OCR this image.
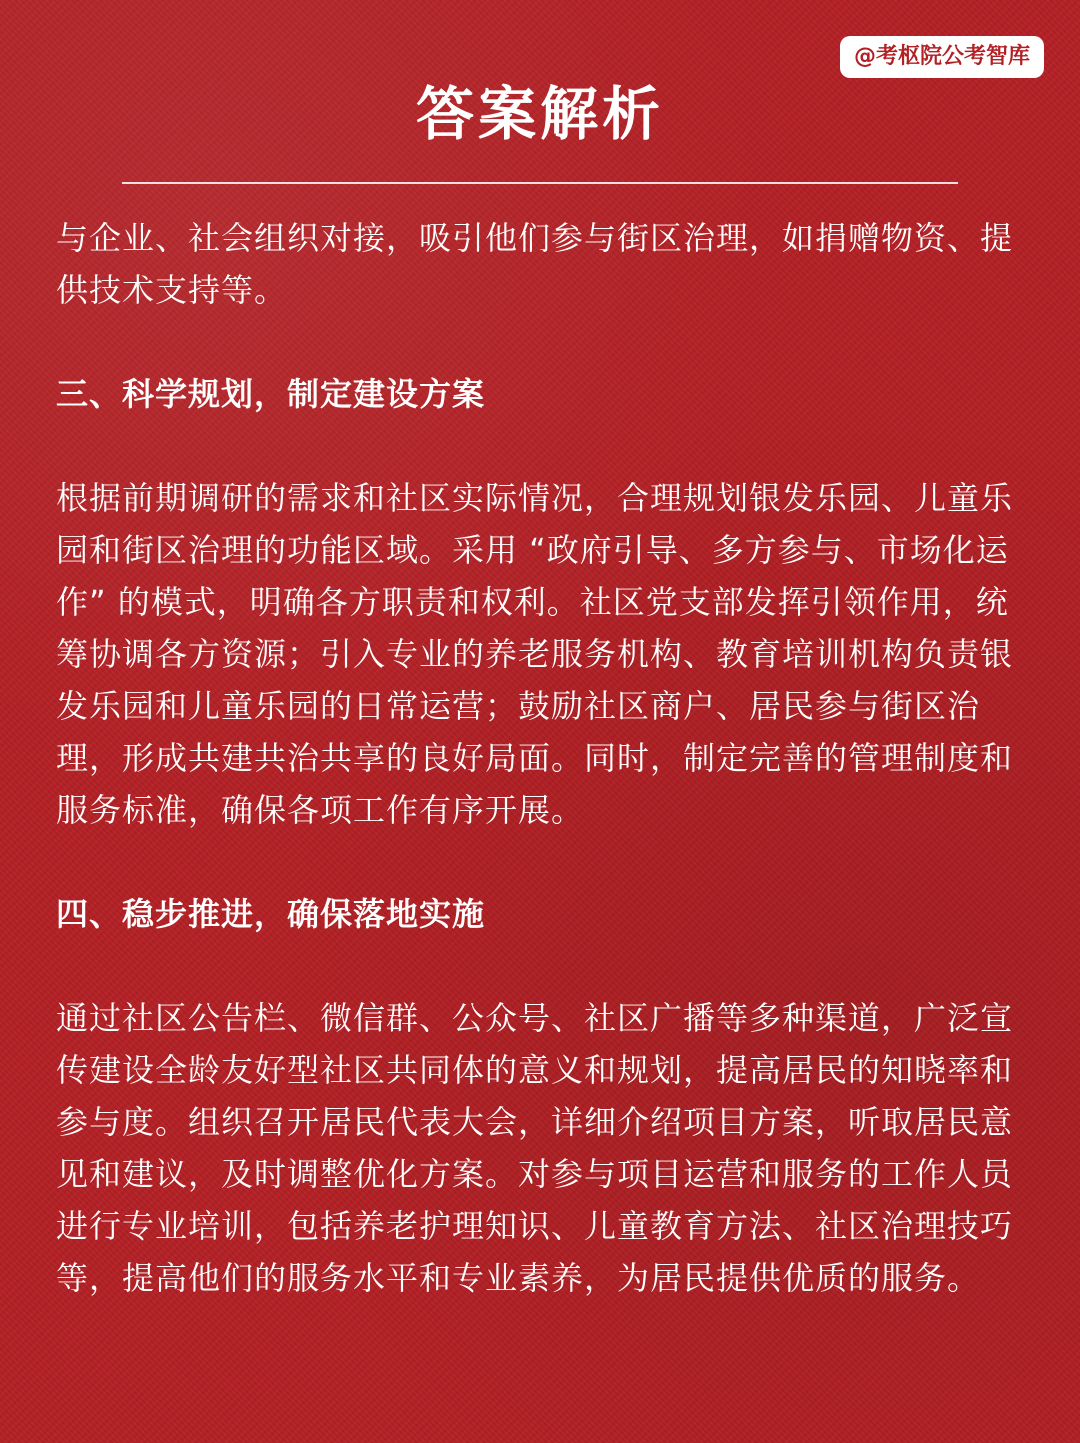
@考枢院公考智库
答案解析

与企业、社会组织对接，吸引他们参与街区治理，如捐赠物资、提供技术支持等。

三、科学规划，制定建设方案

根据前期调研的需求和社区实际情况，合理规划银发乐园、儿童乐园和街区治理的功能区域。采用 “政府引导、多方参与、市场化运作” 的模式，明确各方职责和权利。社区党支部发挥引领作用，统筹协调各方资源；引入专业的养老服务机构、教育培训机构负责银发乐园和儿童乐园的日常运营；鼓励社区商户、居民参与街区治理，形成共建共治共享的良好局面。同时，制定完善的管理制度和服务标准，确保各项工作有序开展。

四、稳步推进，确保落地实施

通过社区公告栏、微信群、公众号、社区广播等多种渠道，广泛宣传建设全龄友好型社区共同体的意义和规划，提高居民的知晓率和参与度。组织召开居民代表大会，详细介绍项目方案，听取居民意见和建议，及时调整优化方案。对参与项目运营和服务的工作人员进行专业培训，包括养老护理知识、儿童教育方法、社区治理技巧等，提高他们的服务水平和专业素养，为居民提供优质的服务。
